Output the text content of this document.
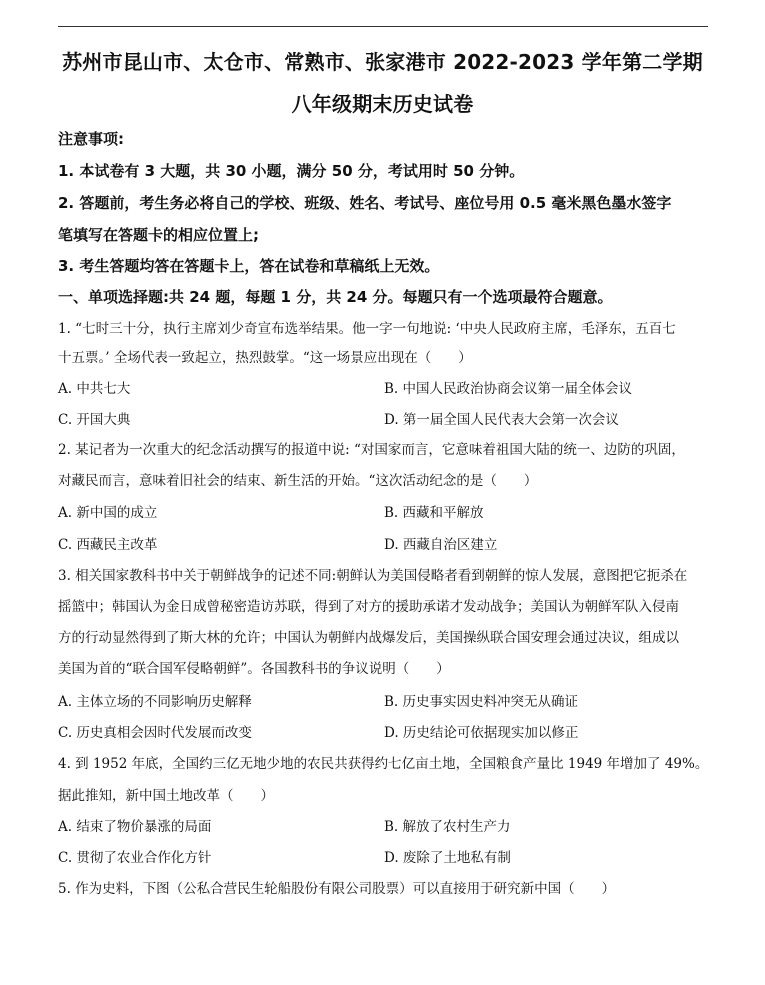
苏州市昆山市、太仓市、常熟市、张家港市 2022-2023 学年第二学期
八年级期末历史试卷
注意事项:
1. 本试卷有 3 大题，共 30 小题，满分 50 分，考试用时 50 分钟。
2. 答题前，考生务必将自己的学校、班级、姓名、考试号、座位号用 0.5 毫米黑色墨水签字
笔填写在答题卡的相应位置上;
3. 考生答题均答在答题卡上，答在试卷和草稿纸上无效。
一、单项选择题:共 24 题，每题 1 分，共 24 分。每题只有一个选项最符合题意。
1. “七时三十分，执行主席刘少奇宣布选举结果。他一字一句地说: ‘中央人民政府主席，毛泽东，五百七
十五票。’ 全场代表一致起立，热烈鼓掌。“这一场景应出现在（　　）
A. 中共七大	B. 中国人民政治协商会议第一届全体会议
C. 开国大典	D. 第一届全国人民代表大会第一次会议
2. 某记者为一次重大的纪念活动撰写的报道中说: “对国家而言，它意味着祖国大陆的统一、边防的巩固，
对藏民而言，意味着旧社会的结束、新生活的开始。“这次活动纪念的是（　　）
A. 新中国的成立	B. 西藏和平解放
C. 西藏民主改革	D. 西藏自治区建立
3. 相关国家教科书中关于朝鲜战争的记述不同:朝鲜认为美国侵略者看到朝鲜的惊人发展，意图把它扼杀在
摇篮中；韩国认为金日成曾秘密造访苏联，得到了对方的援助承诺才发动战争；美国认为朝鲜军队入侵南
方的行动显然得到了斯大林的允许；中国认为朝鲜内战爆发后，美国操纵联合国安理会通过决议，组成以
美国为首的“联合国军侵略朝鲜”。各国教科书的争议说明（　　）
A. 主体立场的不同影响历史解释	B. 历史事实因史料冲突无从确证
C. 历史真相会因时代发展而改变	D. 历史结论可依据现实加以修正
4. 到 1952 年底，全国约三亿无地少地的农民共获得约七亿亩土地，全国粮食产量比 1949 年增加了 49%。
据此推知，新中国土地改革（　　）
A. 结束了物价暴涨的局面	B. 解放了农村生产力
C. 贯彻了农业合作化方针	D. 废除了土地私有制
5. 作为史料，下图（公私合营民生轮船股份有限公司股票）可以直接用于研究新中国（　　）
